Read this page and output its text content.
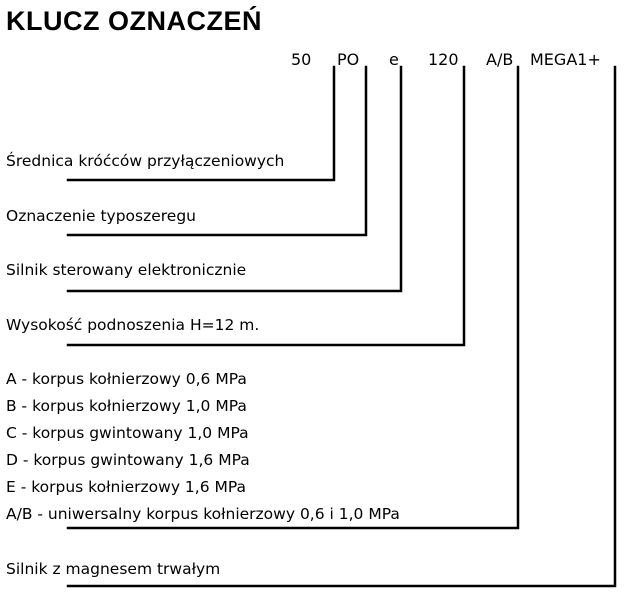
KLUCZ OZNACZEŃ
50 PO e 120 A/B MEGA1+
Średnica króćców przyłączeniowych
Oznaczenie typoszeregu
Silnik sterowany elektronicznie
Wysokość podnoszenia H=12 m.
A - korpus kołnierzowy 0,6 MPa
B - korpus kołnierzowy 1,0 MPa
C - korpus gwintowany 1,0 MPa
D - korpus gwintowany 1,6 MPa
E - korpus kołnierzowy 1,6 MPa
A/B - uniwersalny korpus kołnierzowy 0,6 i 1,0 MPa
Silnik z magnesem trwałym
